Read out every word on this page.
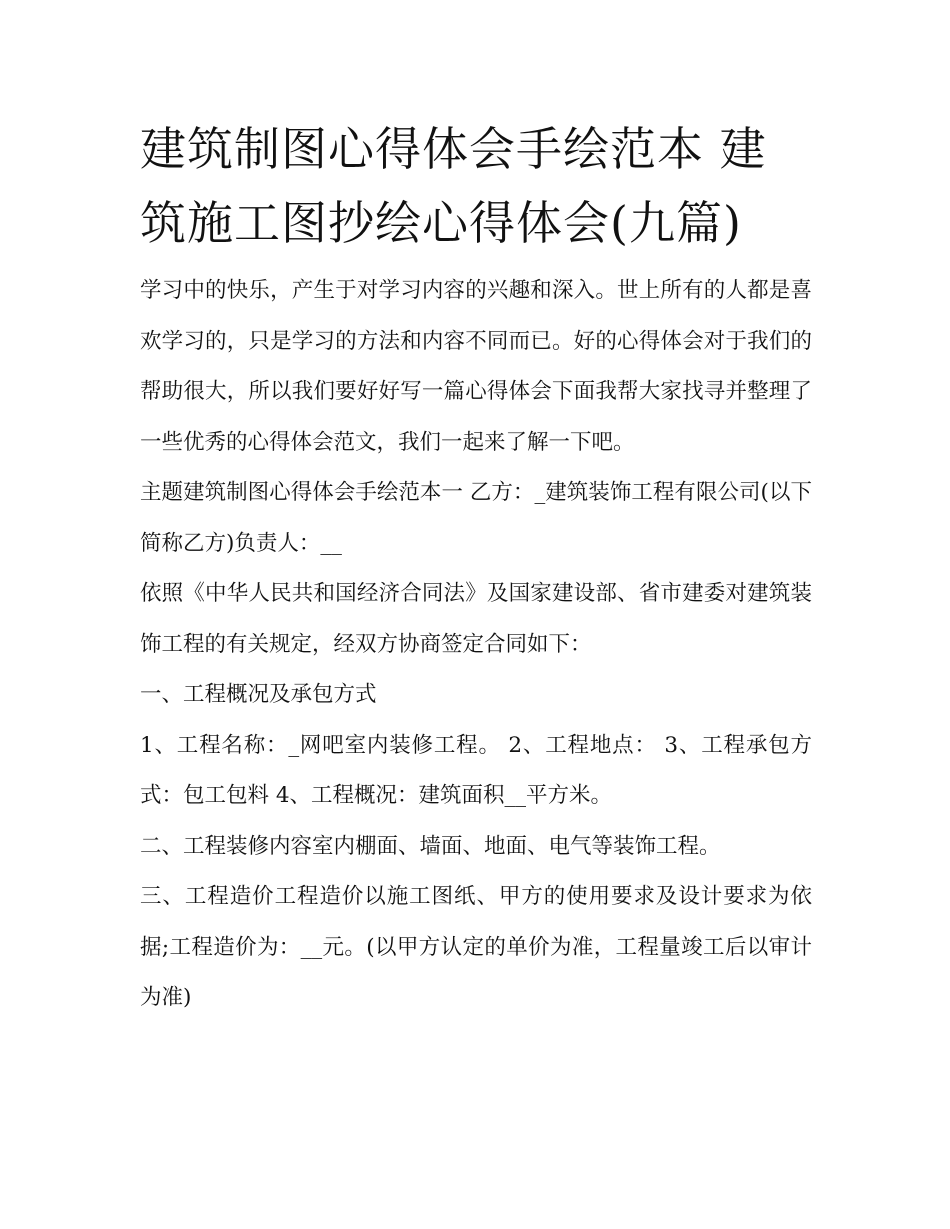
建筑制图心得体会手绘范本 建筑施工图抄绘心得体会(九篇)

学习中的快乐，产生于对学习内容的兴趣和深入。世上所有的人都是喜欢学习的，只是学习的方法和内容不同而已。好的心得体会对于我们的帮助很大，所以我们要好好写一篇心得体会下面我帮大家找寻并整理了一些优秀的心得体会范文，我们一起来了解一下吧。

主题建筑制图心得体会手绘范本一 乙方：_建筑装饰工程有限公司(以下简称乙方)负责人：__

依照《中华人民共和国经济合同法》及国家建设部、省市建委对建筑装饰工程的有关规定，经双方协商签定合同如下：

一、工程概况及承包方式

1、工程名称：_网吧室内装修工程。 2、工程地点： 3、工程承包方式：包工包料 4、工程概况：建筑面积__平方米。

二、工程装修内容室内棚面、墙面、地面、电气等装饰工程。

三、工程造价工程造价以施工图纸、甲方的使用要求及设计要求为依据;工程造价为：__元。(以甲方认定的单价为准，工程量竣工后以审计为准)
